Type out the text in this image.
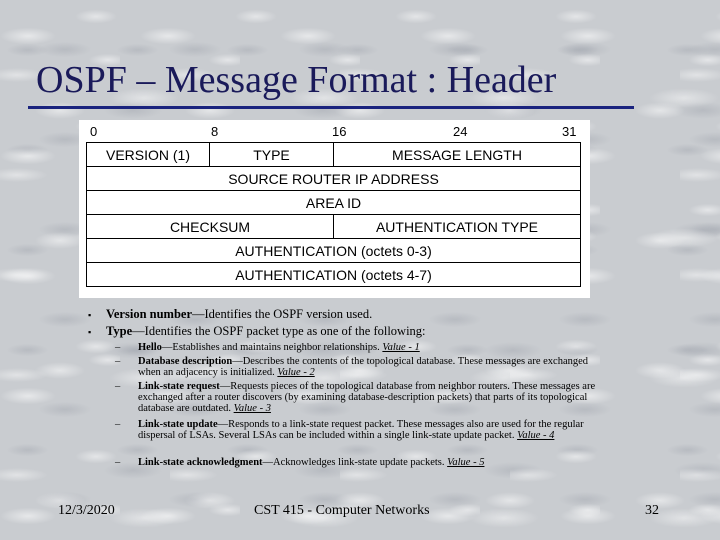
OSPF – Message Format : Header
0	8	16	24	31
VERSION (1)	TYPE	MESSAGE LENGTH
SOURCE ROUTER IP ADDRESS		
AREA ID		
CHECKSUM		AUTHENTICATION TYPE
AUTHENTICATION (octets 0-3)		
AUTHENTICATION (octets 4-7)		
▪ Version number—Identifies the OSPF version used.
▪ Type—Identifies the OSPF packet type as one of the following:
– Hello—Establishes and maintains neighbor relationships. Value - 1
– Database description—Describes the contents of the topological database. These messages are exchanged when an adjacency is initialized. Value - 2
– Link-state request—Requests pieces of the topological database from neighbor routers. These messages are exchanged after a router discovers (by examining database-description packets) that parts of its topological database are outdated. Value - 3
– Link-state update—Responds to a link-state request packet. These messages also are used for the regular dispersal of LSAs. Several LSAs can be included within a single link-state update packet. Value - 4
– Link-state acknowledgment—Acknowledges link-state update packets. Value - 5
12/3/2020	CST 415 - Computer Networks	32
